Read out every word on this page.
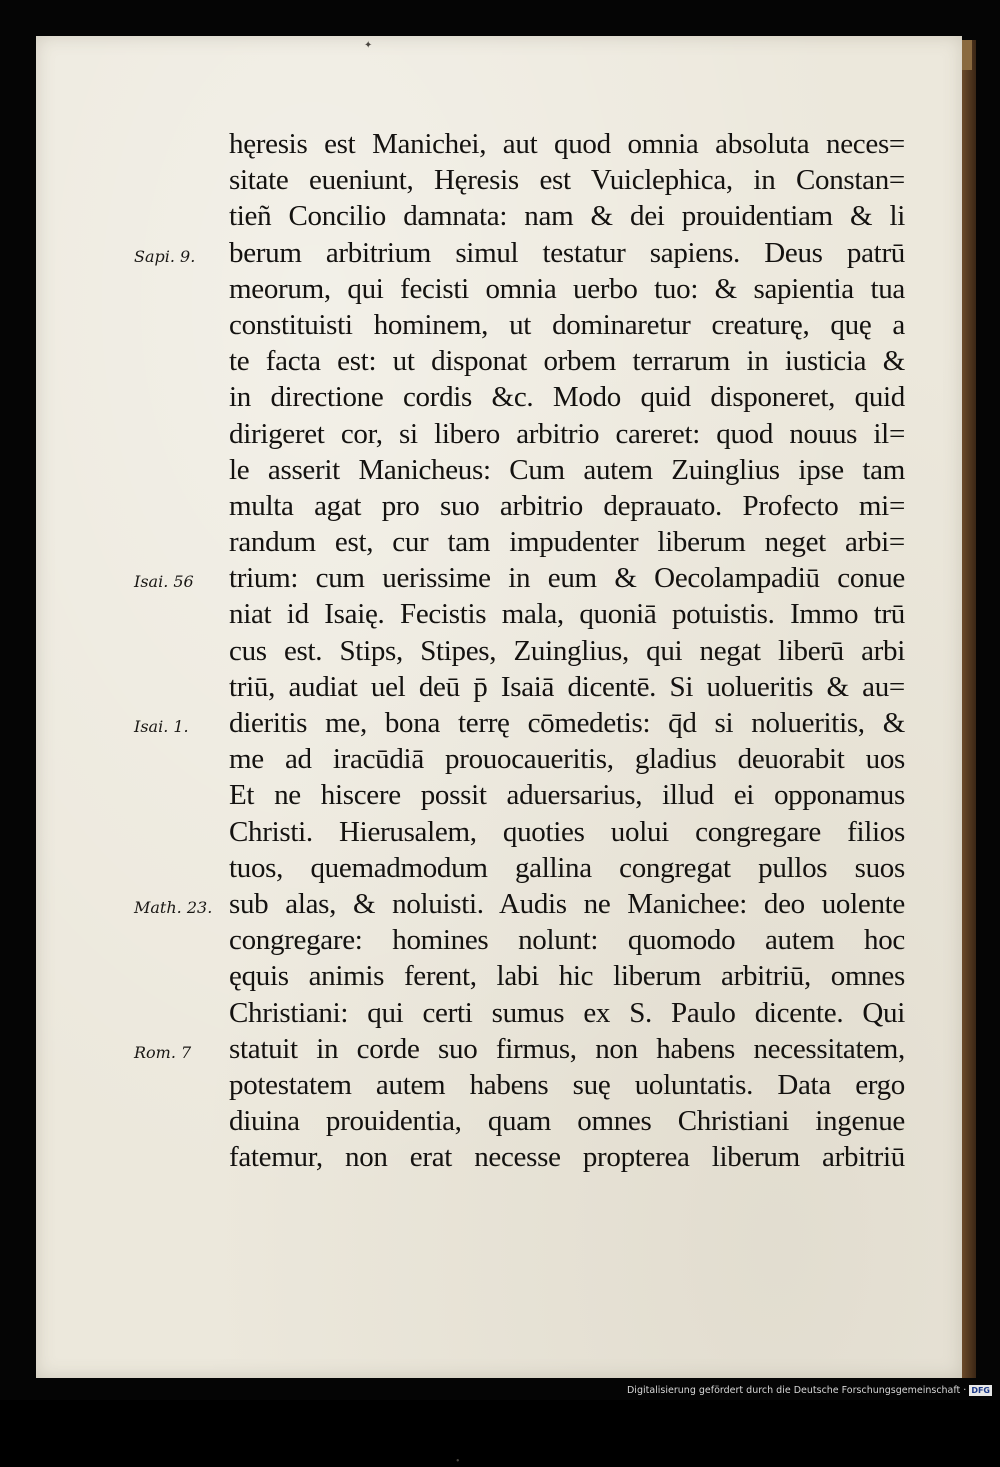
✦
•
hęresis est Manichei, aut quod omnia absoluta neces=
sitate eueniunt, Hęresis est Vuiclephica, in Constan=
tieñ Concilio damnata: nam & dei prouidentiam & li
berum arbitrium simul testatur sapiens. Deus patrū
meorum, qui fecisti omnia uerbo tuo: & sapientia tua
constituisti hominem, ut dominaretur creaturę, quę a
te facta est: ut disponat orbem terrarum in iusticia &
in directione cordis &c. Modo quid disponeret, quid
dirigeret cor, si libero arbitrio careret: quod nouus il=
le asserit Manicheus: Cum autem Zuinglius ipse tam
multa agat pro suo arbitrio deprauato. Profecto mi=
randum est, cur tam impudenter liberum neget arbi=
trium: cum uerissime in eum & Oecolampadiū conue
niat id Isaię. Fecistis mala, quoniā potuistis. Immo trū
cus est. Stips, Stipes, Zuinglius, qui negat liberū arbi
triū, audiat uel deū p̄ Isaiā dicentē. Si uolueritis & au=
dieritis me, bona terrę cōmedetis: q̄d si nolueritis, &
me ad iracūdiā prouocaueritis, gladius deuorabit uos
Et ne hiscere possit aduersarius, illud ei opponamus
Christi. Hierusalem, quoties uolui congregare filios
tuos, quemadmodum gallina congregat pullos suos
sub alas, & noluisti. Audis ne Manichee: deo uolente
congregare: homines nolunt: quomodo autem hoc
ęquis animis ferent, labi hic liberum arbitriū, omnes
Christiani: qui certi sumus ex S. Paulo dicente. Qui
statuit in corde suo firmus, non habens necessitatem,
potestatem autem habens suę uoluntatis. Data ergo
diuina prouidentia, quam omnes Christiani ingenue
fatemur, non erat necesse propterea liberum arbitriū
Sapi. 9.
Isai. 56
Isai. 1.
Math. 23.
Rom. 7
Digitalisierung gefördert durch die Deutsche Forschungsgemeinschaft · DFG
